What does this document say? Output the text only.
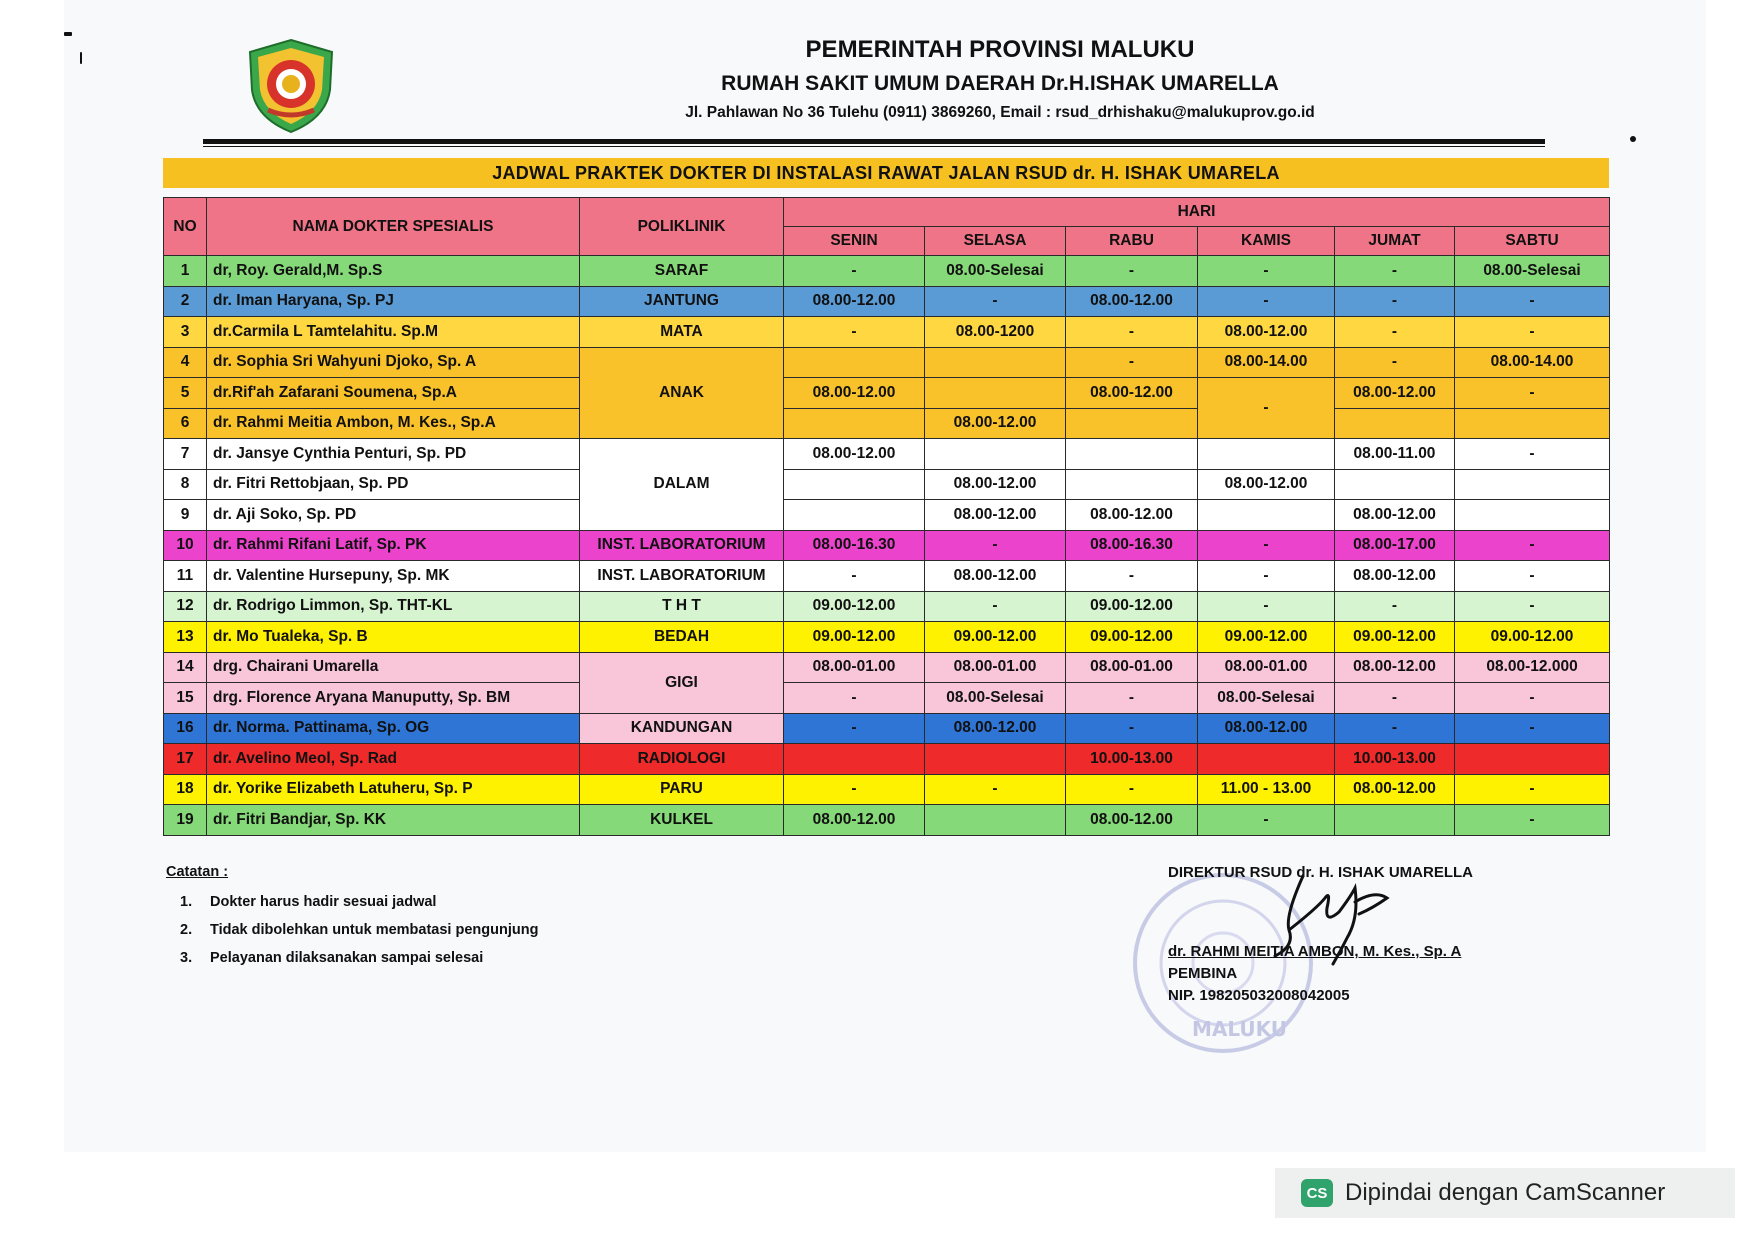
PEMERINTAH PROVINSI MALUKU
RUMAH SAKIT UMUM DAERAH Dr.H.ISHAK UMARELLA
Jl. Pahlawan No 36 Tulehu (0911) 3869260, Email : rsud_drhishaku@malukuprov.go.id
JADWAL PRAKTEK DOKTER DI INSTALASI RAWAT JALAN RSUD dr. H. ISHAK UMARELA
NO	NAMA DOKTER SPESIALIS	POLIKLINIK	HARI					
			SENIN	SELASA	RABU	KAMIS	JUMAT	SABTU
1	dr, Roy. Gerald,M. Sp.S	SARAF	-	08.00-Selesai	-	-	-	08.00-Selesai
2	dr. Iman Haryana, Sp. PJ	JANTUNG	08.00-12.00	-	08.00-12.00	-	-	-
3	dr.Carmila L Tamtelahitu. Sp.M	MATA	-	08.00-1200	-	08.00-12.00	-	-
4	dr. Sophia Sri Wahyuni Djoko, Sp. A	ANAK			-	08.00-14.00	-	08.00-14.00
5	dr.Rif'ah Zafarani Soumena, Sp.A		08.00-12.00		08.00-12.00	-	08.00-12.00	-
6	dr. Rahmi Meitia Ambon, M. Kes., Sp.A			08.00-12.00				
7	dr. Jansye Cynthia Penturi, Sp. PD	DALAM	08.00-12.00				08.00-11.00	-
8	dr. Fitri Rettobjaan, Sp. PD			08.00-12.00		08.00-12.00		
9	dr. Aji Soko, Sp. PD			08.00-12.00	08.00-12.00		08.00-12.00	
10	dr. Rahmi Rifani Latif, Sp. PK	INST. LABORATORIUM	08.00-16.30	-	08.00-16.30	-	08.00-17.00	-
11	dr. Valentine Hursepuny, Sp. MK	INST. LABORATORIUM	-	08.00-12.00	-	-	08.00-12.00	-
12	dr. Rodrigo Limmon, Sp. THT-KL	T H T	09.00-12.00	-	09.00-12.00	-	-	-
13	dr. Mo Tualeka, Sp. B	BEDAH	09.00-12.00	09.00-12.00	09.00-12.00	09.00-12.00	09.00-12.00	09.00-12.00
14	drg. Chairani Umarella	GIGI	08.00-01.00	08.00-01.00	08.00-01.00	08.00-01.00	08.00-12.00	08.00-12.000
15	drg. Florence Aryana Manuputty, Sp. BM		-	08.00-Selesai	-	08.00-Selesai	-	-
16	dr. Norma. Pattinama, Sp. OG	KANDUNGAN	-	08.00-12.00	-	08.00-12.00	-	-
17	dr. Avelino Meol, Sp. Rad	RADIOLOGI			10.00-13.00		10.00-13.00	
18	dr. Yorike Elizabeth Latuheru, Sp. P	PARU	-	-	-	11.00 - 13.00	08.00-12.00	-
19	dr. Fitri Bandjar, Sp. KK	KULKEL	08.00-12.00		08.00-12.00	-		-
Catatan :
1.	Dokter harus hadir sesuai jadwal
2.	Tidak dibolehkan untuk membatasi pengunjung
3.	Pelayanan dilaksanakan sampai selesai
MALUKU
DIREKTUR RSUD dr. H. ISHAK UMARELLA
dr. RAHMI MEITIA AMBON, M. Kes., Sp. A
PEMBINA
NIP. 198205032008042005
CS Dipindai dengan CamScanner
